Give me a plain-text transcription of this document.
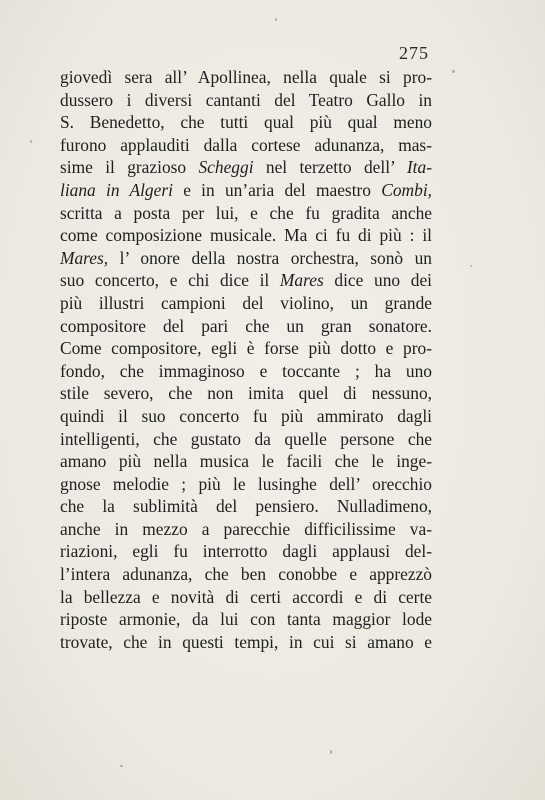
275
giovedì sera all’ Apollinea, nella quale si pro-
dussero i diversi cantanti del Teatro Gallo in
S. Benedetto, che tutti qual più qual meno
furono applauditi dalla cortese adunanza, mas-
sime il grazioso Scheggi nel terzetto dell’ Ita-
liana in Algeri e in un’aria del maestro Combi,
scritta a posta per lui, e che fu gradita anche
come composizione musicale. Ma ci fu di più : il
Mares, l’ onore della nostra orchestra, sonò un
suo concerto, e chi dice il Mares dice uno dei
più illustri campioni del violino, un grande
compositore del pari che un gran sonatore.
Come compositore, egli è forse più dotto e pro-
fondo, che immaginoso e toccante ; ha uno
stile severo, che non imita quel di nessuno,
quindi il suo concerto fu più ammirato dagli
intelligenti, che gustato da quelle persone che
amano più nella musica le facili che le inge-
gnose melodie ; più le lusinghe dell’ orecchio
che la sublimità del pensiero. Nulladimeno,
anche in mezzo a parecchie difficilissime va-
riazioni, egli fu interrotto dagli applausi del-
l’intera adunanza, che ben conobbe e apprezzò
la bellezza e novità di certi accordi e di certe
riposte armonie, da lui con tanta maggior lode
trovate, che in questi tempi, in cui si amano e
